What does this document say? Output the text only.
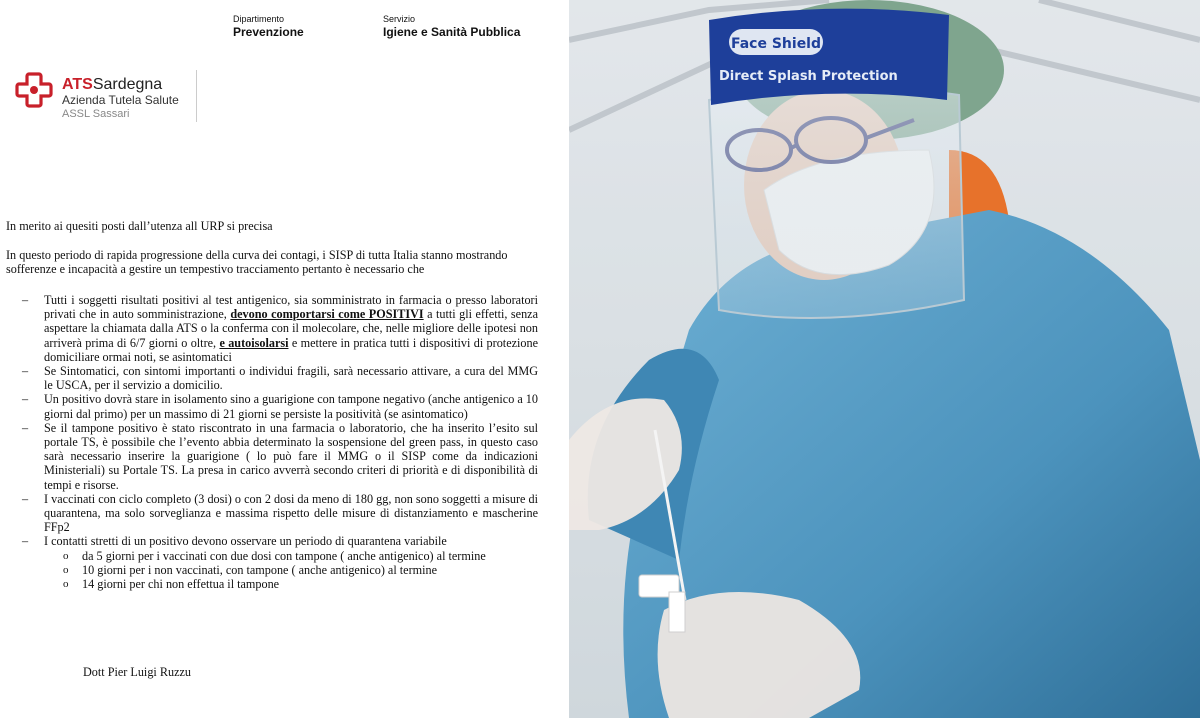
Dipartimento
Prevenzione
Servizio
Igiene e Sanità Pubblica
ATSSardegna
Azienda Tutela Salute
ASSL Sassari
In merito ai quesiti posti dall’utenza all URP si precisa
In questo periodo di rapida progressione della curva dei contagi, i SISP di tutta Italia stanno mostrando sofferenze e incapacità a gestire un tempestivo tracciamento pertanto è necessario che
– Tutti i soggetti risultati positivi al test antigenico, sia somministrato in farmacia o presso laboratori privati che in auto somministrazione, devono comportarsi come POSITIVI a tutti gli effetti, senza aspettare la chiamata dalla ATS o la conferma con il molecolare, che, nelle migliore delle ipotesi non arriverà prima di 6/7 giorni o oltre, e autoisolarsi e mettere in pratica tutti i dispositivi di protezione domiciliare ormai noti, se asintomatici
– Se Sintomatici, con sintomi importanti o individui fragili, sarà necessario attivare, a cura del MMG le USCA, per il servizio a domicilio.
– Un positivo dovrà stare in isolamento sino a guarigione con tampone negativo (anche antigenico a 10 giorni dal primo) per un massimo di 21 giorni se persiste la positività (se asintomatico)
– Se il tampone positivo è stato riscontrato in una farmacia o laboratorio, che ha inserito l’esito sul portale TS, è possibile che l’evento abbia determinato la sospensione del green pass, in questo caso sarà necessario inserire la guarigione ( lo può fare il MMG o il SISP come da indicazioni Ministeriali) su Portale TS. La presa in carico avverrà secondo criteri di priorità e di disponibilità di tempi e risorse.
– I vaccinati con ciclo completo (3 dosi) o con 2 dosi da meno di 180 gg, non sono soggetti a misure di quarantena, ma solo sorveglianza e massima rispetto delle misure di distanziamento e mascherine FFp2
– I contatti stretti di un positivo devono osservare un periodo di quarantena variabile
o da 5 giorni per i vaccinati con due dosi con tampone ( anche antigenico) al termine
o 10 giorni per i non vaccinati, con tampone ( anche antigenico) al termine
o 14 giorni per chi non effettua il tampone
Dott Pier Luigi Ruzzu
Face Shield
Direct Splash Protection
